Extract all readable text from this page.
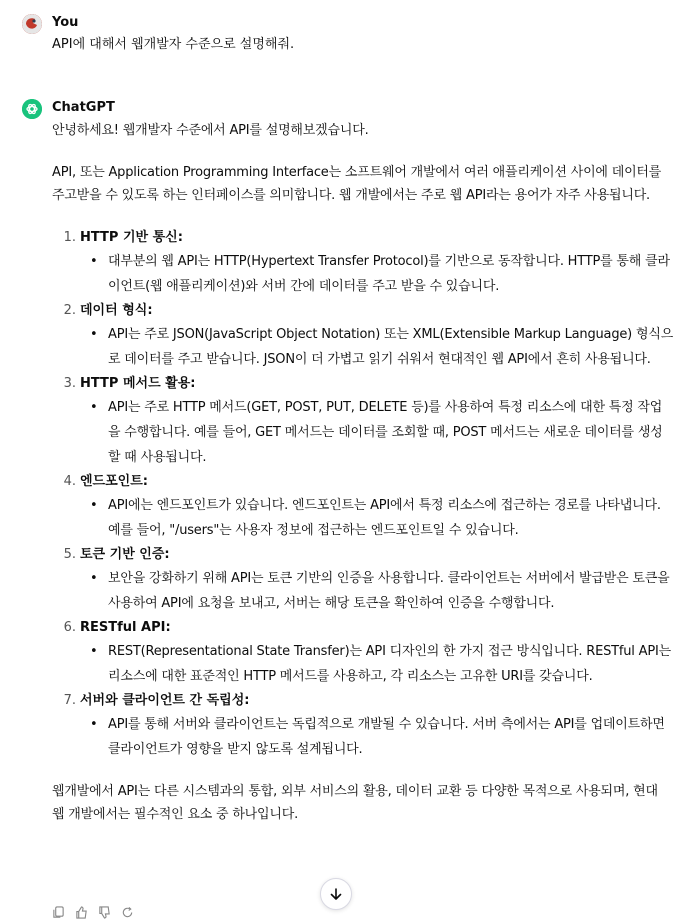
You
API에 대해서 웹개발자 수준으로 설명해줘.
ChatGPT

안녕하세요! 웹개발자 수준에서 API를 설명해보겠습니다.

API, 또는 Application Programming Interface는 소프트웨어 개발에서 여러 애플리케이션 사이에 데이터를 주고받을 수 있도록 하는 인터페이스를 의미합니다. 웹 개발에서는 주로 웹 API라는 용어가 자주 사용됩니다.

1. HTTP 기반 통신:
• 대부분의 웹 API는 HTTP(Hypertext Transfer Protocol)를 기반으로 동작합니다. HTTP를 통해 클라이언트(웹 애플리케이션)와 서버 간에 데이터를 주고 받을 수 있습니다.
2. 데이터 형식:
• API는 주로 JSON(JavaScript Object Notation) 또는 XML(Extensible Markup Language) 형식으로 데이터를 주고 받습니다. JSON이 더 가볍고 읽기 쉬워서 현대적인 웹 API에서 흔히 사용됩니다.
3. HTTP 메서드 활용:
• API는 주로 HTTP 메서드(GET, POST, PUT, DELETE 등)를 사용하여 특정 리소스에 대한 특정 작업을 수행합니다. 예를 들어, GET 메서드는 데이터를 조회할 때, POST 메서드는 새로운 데이터를 생성할 때 사용됩니다.
4. 엔드포인트:
• API에는 엔드포인트가 있습니다. 엔드포인트는 API에서 특정 리소스에 접근하는 경로를 나타냅니다. 예를 들어, "/users"는 사용자 정보에 접근하는 엔드포인트일 수 있습니다.
5. 토큰 기반 인증:
• 보안을 강화하기 위해 API는 토큰 기반의 인증을 사용합니다. 클라이언트는 서버에서 발급받은 토큰을 사용하여 API에 요청을 보내고, 서버는 해당 토큰을 확인하여 인증을 수행합니다.
6. RESTful API:
• REST(Representational State Transfer)는 API 디자인의 한 가지 접근 방식입니다. RESTful API는 리소스에 대한 표준적인 HTTP 메서드를 사용하고, 각 리소스는 고유한 URI를 갖습니다.
7. 서버와 클라이언트 간 독립성:
• API를 통해 서버와 클라이언트는 독립적으로 개발될 수 있습니다. 서버 측에서는 API를 업데이트하면 클라이언트가 영향을 받지 않도록 설계됩니다.

웹개발에서 API는 다른 시스템과의 통합, 외부 서비스의 활용, 데이터 교환 등 다양한 목적으로 사용되며, 현대 웹 개발에서는 필수적인 요소 중 하나입니다.
